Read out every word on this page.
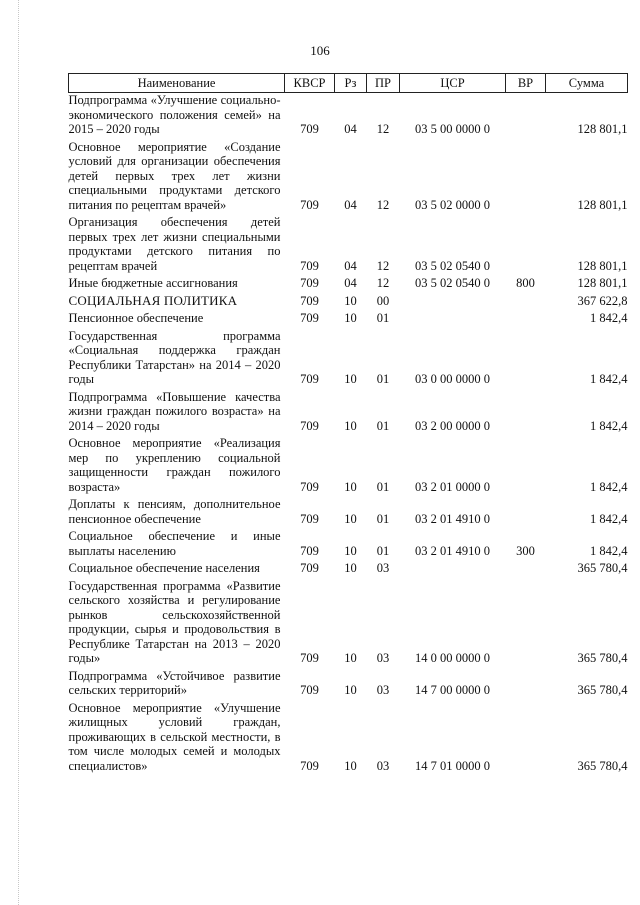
106
Наименование	КВСР	Рз	ПР	ЦСР	ВР	Сумма
Подпрограмма «Улучшение социально-экономического положения семей» на 2015 – 2020 годы	709	04	12	03 5 00 0000 0		128 801,1
Основное мероприятие «Создание условий для организации обеспечения детей первых трех лет жизни специальными продуктами детского питания по рецептам врачей»	709	04	12	03 5 02 0000 0		128 801,1
Организация обеспечения детей первых трех лет жизни специальными продуктами детского питания по рецептам врачей	709	04	12	03 5 02 0540 0		128 801,1
Иные бюджетные ассигнования	709	04	12	03 5 02 0540 0	800	128 801,1
СОЦИАЛЬНАЯ ПОЛИТИКА	709	10	00			367 622,8
Пенсионное обеспечение	709	10	01			1 842,4
Государственная программа «Социальная поддержка граждан Республики Татарстан» на 2014 – 2020 годы	709	10	01	03 0 00 0000 0		1 842,4
Подпрограмма «Повышение качества жизни граждан пожилого возраста» на 2014 – 2020 годы	709	10	01	03 2 00 0000 0		1 842,4
Основное мероприятие «Реализация мер по укреплению социальной защищенности граждан пожилого возраста»	709	10	01	03 2 01 0000 0		1 842,4
Доплаты к пенсиям, дополнительное пенсионное обеспечение	709	10	01	03 2 01 4910 0		1 842,4
Социальное обеспечение и иные выплаты населению	709	10	01	03 2 01 4910 0	300	1 842,4
Социальное обеспечение населения	709	10	03			365 780,4
Государственная программа «Развитие сельского хозяйства и регулирование рынков сельскохозяйственной продукции, сырья и продовольствия в Республике Татарстан на 2013 – 2020 годы»	709	10	03	14 0 00 0000 0		365 780,4
Подпрограмма «Устойчивое развитие сельских территорий»	709	10	03	14 7 00 0000 0		365 780,4
Основное мероприятие «Улучшение жилищных условий граждан, проживающих в сельской местности, в том числе молодых семей и молодых специалистов»	709	10	03	14 7 01 0000 0		365 780,4
